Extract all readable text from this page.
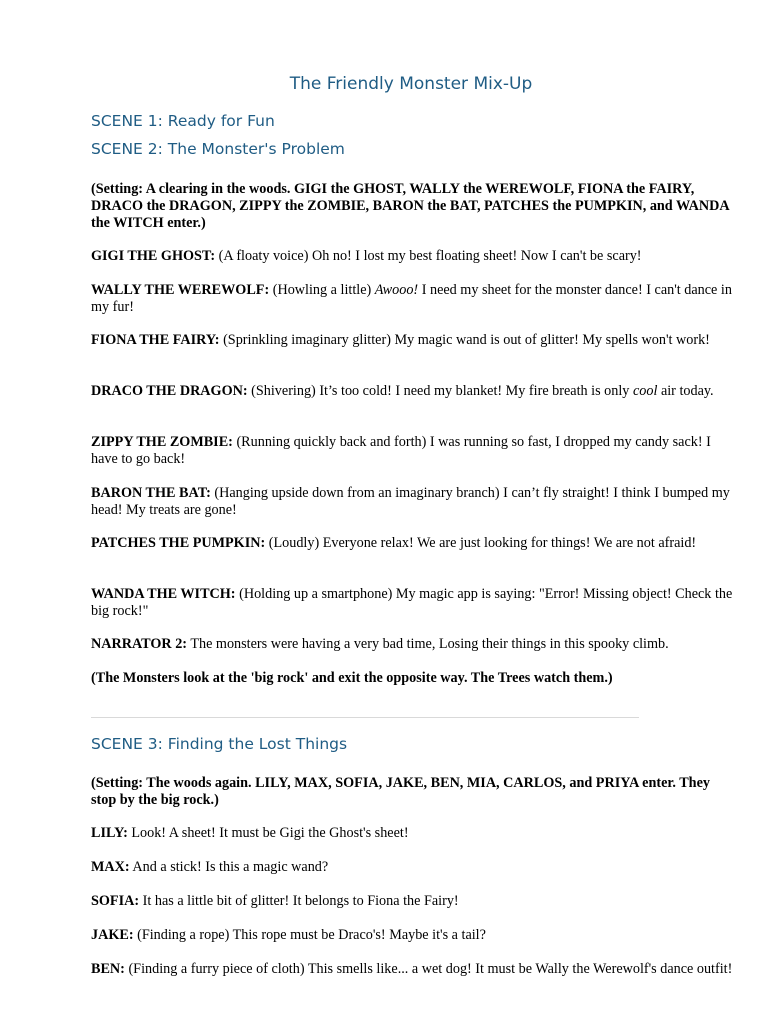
The Friendly Monster Mix-Up
SCENE 1: Ready for Fun
SCENE 2: The Monster's Problem
(Setting: A clearing in the woods. GIGI the GHOST, WALLY the WEREWOLF, FIONA the FAIRY, DRACO the DRAGON, ZIPPY the ZOMBIE, BARON the BAT, PATCHES the PUMPKIN, and WANDA the WITCH enter.)
GIGI THE GHOST: (A floaty voice) Oh no! I lost my best floating sheet! Now I can't be scary!
WALLY THE WEREWOLF: (Howling a little) Awooo! I need my sheet for the monster dance! I can't dance in my fur!
FIONA THE FAIRY: (Sprinkling imaginary glitter) My magic wand is out of glitter! My spells won't work!
DRACO THE DRAGON: (Shivering) It’s too cold! I need my blanket! My fire breath is only cool air today.
ZIPPY THE ZOMBIE: (Running quickly back and forth) I was running so fast, I dropped my candy sack! I have to go back!
BARON THE BAT: (Hanging upside down from an imaginary branch) I can’t fly straight! I think I bumped my head! My treats are gone!
PATCHES THE PUMPKIN: (Loudly) Everyone relax! We are just looking for things! We are not afraid!
WANDA THE WITCH: (Holding up a smartphone) My magic app is saying: "Error! Missing object! Check the big rock!"
NARRATOR 2: The monsters were having a very bad time, Losing their things in this spooky climb.
(The Monsters look at the 'big rock' and exit the opposite way. The Trees watch them.)
SCENE 3: Finding the Lost Things
(Setting: The woods again. LILY, MAX, SOFIA, JAKE, BEN, MIA, CARLOS, and PRIYA enter. They stop by the big rock.)
LILY: Look! A sheet! It must be Gigi the Ghost's sheet!
MAX: And a stick! Is this a magic wand?
SOFIA: It has a little bit of glitter! It belongs to Fiona the Fairy!
JAKE: (Finding a rope) This rope must be Draco's! Maybe it's a tail?
BEN: (Finding a furry piece of cloth) This smells like... a wet dog! It must be Wally the Werewolf's dance outfit!
